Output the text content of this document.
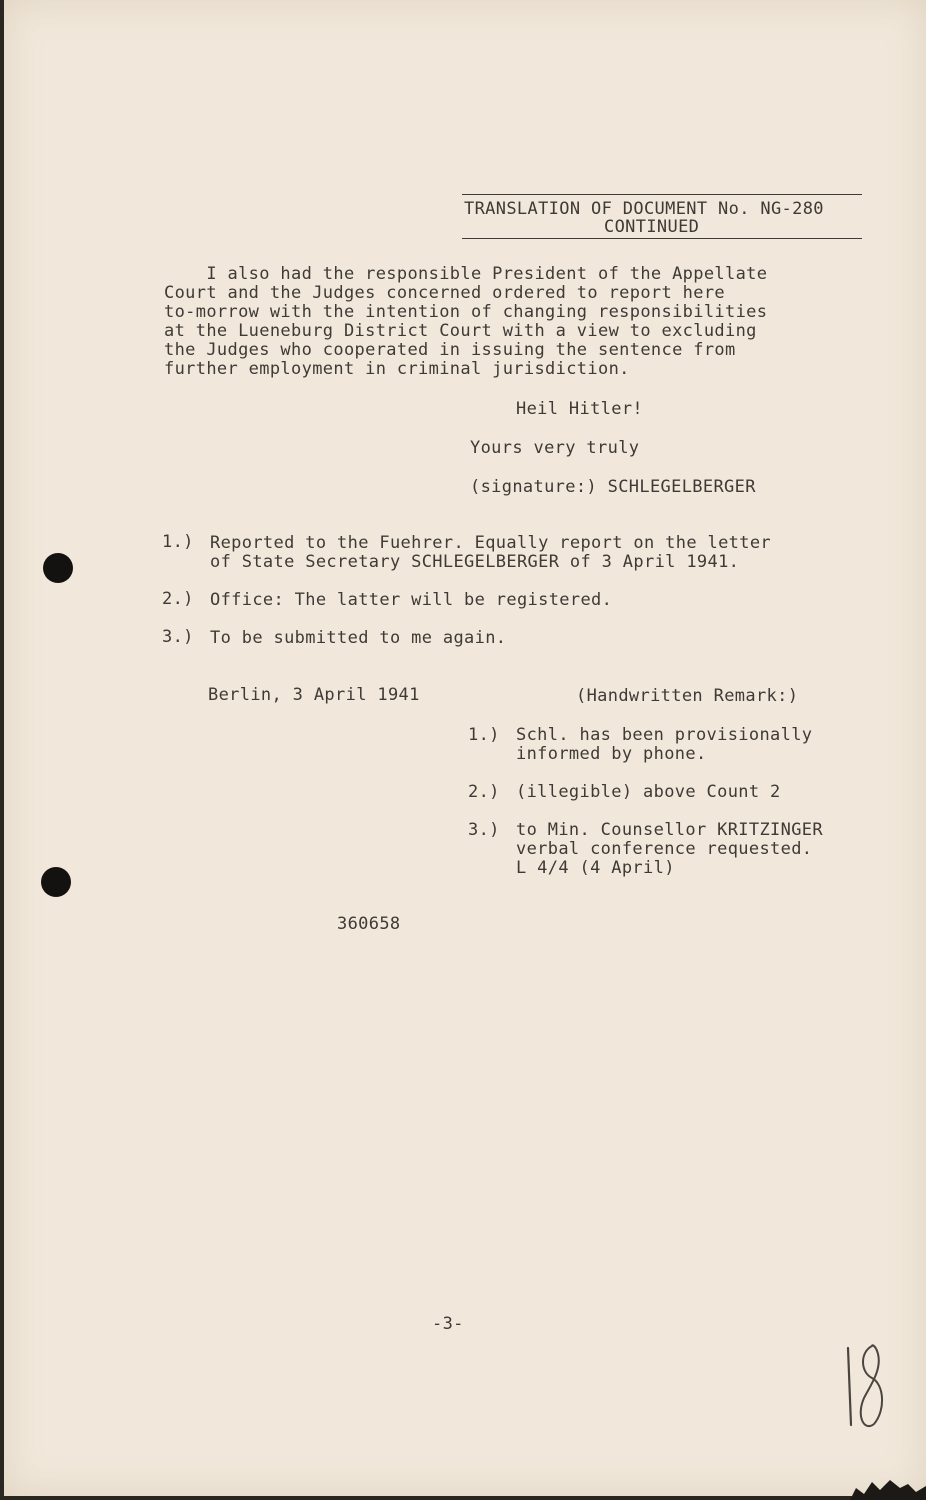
TRANSLATION OF DOCUMENT No. NG-280
CONTINUED
I also had the responsible President of the Appellate
Court and the Judges concerned ordered to report here
to-morrow with the intention of changing responsibilities
at the Lueneburg District Court with a view to excluding
the Judges who cooperated in issuing the sentence from
further employment in criminal jurisdiction.
Heil Hitler!
Yours very truly
(signature:) SCHLEGELBERGER
1.) Reported to the Fuehrer. Equally report on the letter
of State Secretary SCHLEGELBERGER of 3 April 1941.
2.) Office: The latter will be registered.
3.) To be submitted to me again.
Berlin, 3 April 1941	(Handwritten Remark:)
1.) Schl. has been provisionally
informed by phone.
2.) (illegible) above Count 2
3.) to Min. Counsellor KRITZINGER
verbal conference requested.
L 4/4 (4 April)
360658
-3-
